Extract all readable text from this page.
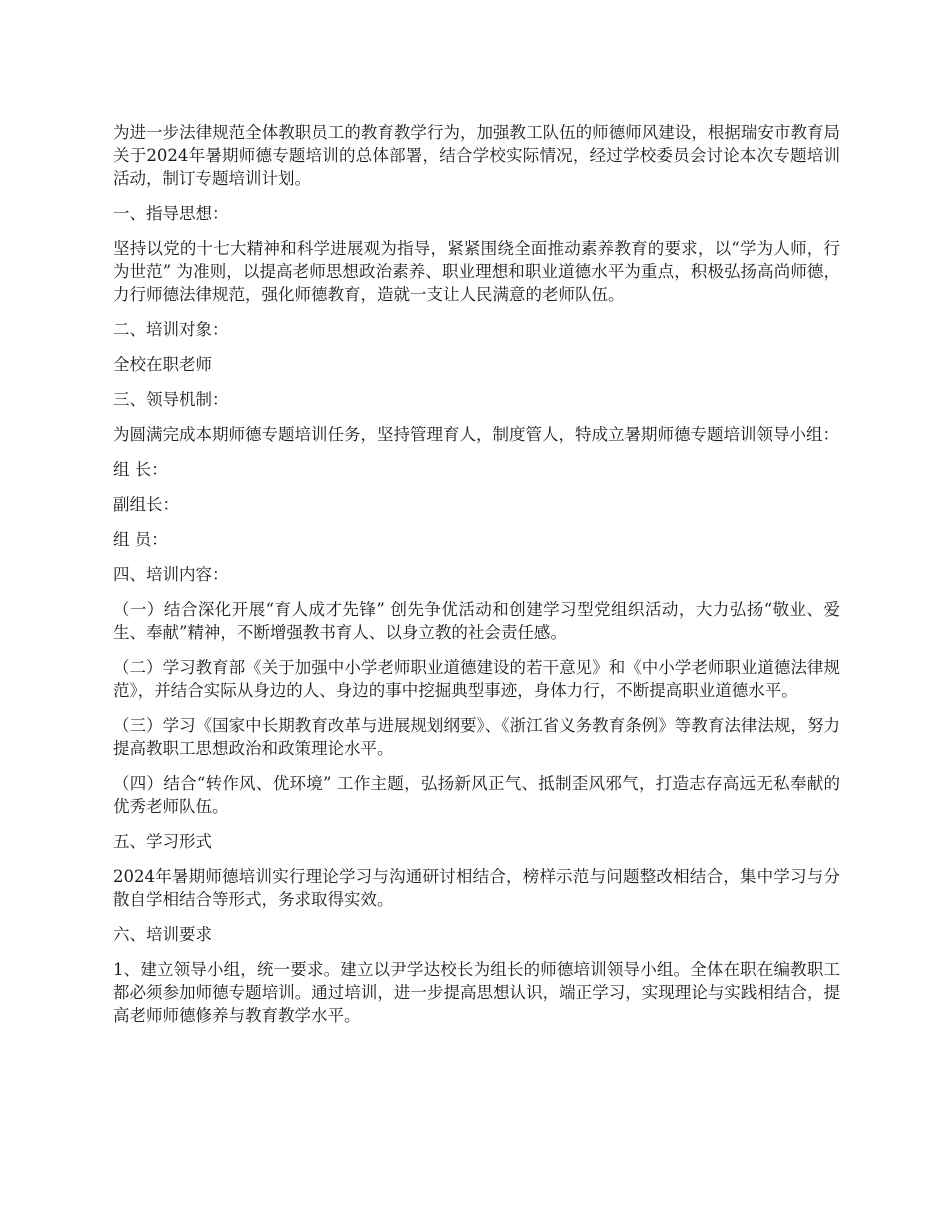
为进一步法律规范全体教职员工的教育教学行为，加强教工队伍的师德师风建设，根据瑞安市教育局关于2024年暑期师德专题培训的总体部署，结合学校实际情况，经过学校委员会讨论本次专题培训活动，制订专题培训计划。

一、指导思想：

坚持以党的十七大精神和科学进展观为指导，紧紧围绕全面推动素养教育的要求，以“学为人师，行为世范” 为准则，以提高老师思想政治素养、职业理想和职业道德水平为重点，积极弘扬高尚师德，力行师德法律规范，强化师德教育，造就一支让人民满意的老师队伍。

二、培训对象：

全校在职老师

三、领导机制：

为圆满完成本期师德专题培训任务，坚持管理育人，制度管人，特成立暑期师德专题培训领导小组：

组 长：

副组长：

组 员：

四、培训内容：

（一）结合深化开展“育人成才先锋” 创先争优活动和创建学习型党组织活动，大力弘扬“敬业、爱生、奉献”精神，不断增强教书育人、以身立教的社会责任感。

（二）学习教育部《关于加强中小学老师职业道德建设的若干意见》和《中小学老师职业道德法律规范》，并结合实际从身边的人、身边的事中挖掘典型事迹，身体力行，不断提高职业道德水平。

（三）学习《国家中长期教育改革与进展规划纲要》、《浙江省义务教育条例》等教育法律法规，努力提高教职工思想政治和政策理论水平。

（四）结合“转作风、优环境” 工作主题，弘扬新风正气、抵制歪风邪气，打造志存高远无私奉献的优秀老师队伍。

五、学习形式

2024年暑期师德培训实行理论学习与沟通研讨相结合，榜样示范与问题整改相结合，集中学习与分散自学相结合等形式，务求取得实效。

六、培训要求

1、建立领导小组，统一要求。建立以尹学达校长为组长的师德培训领导小组。全体在职在编教职工都必须参加师德专题培训。通过培训，进一步提高思想认识，端正学习，实现理论与实践相结合，提高老师师德修养与教育教学水平。
